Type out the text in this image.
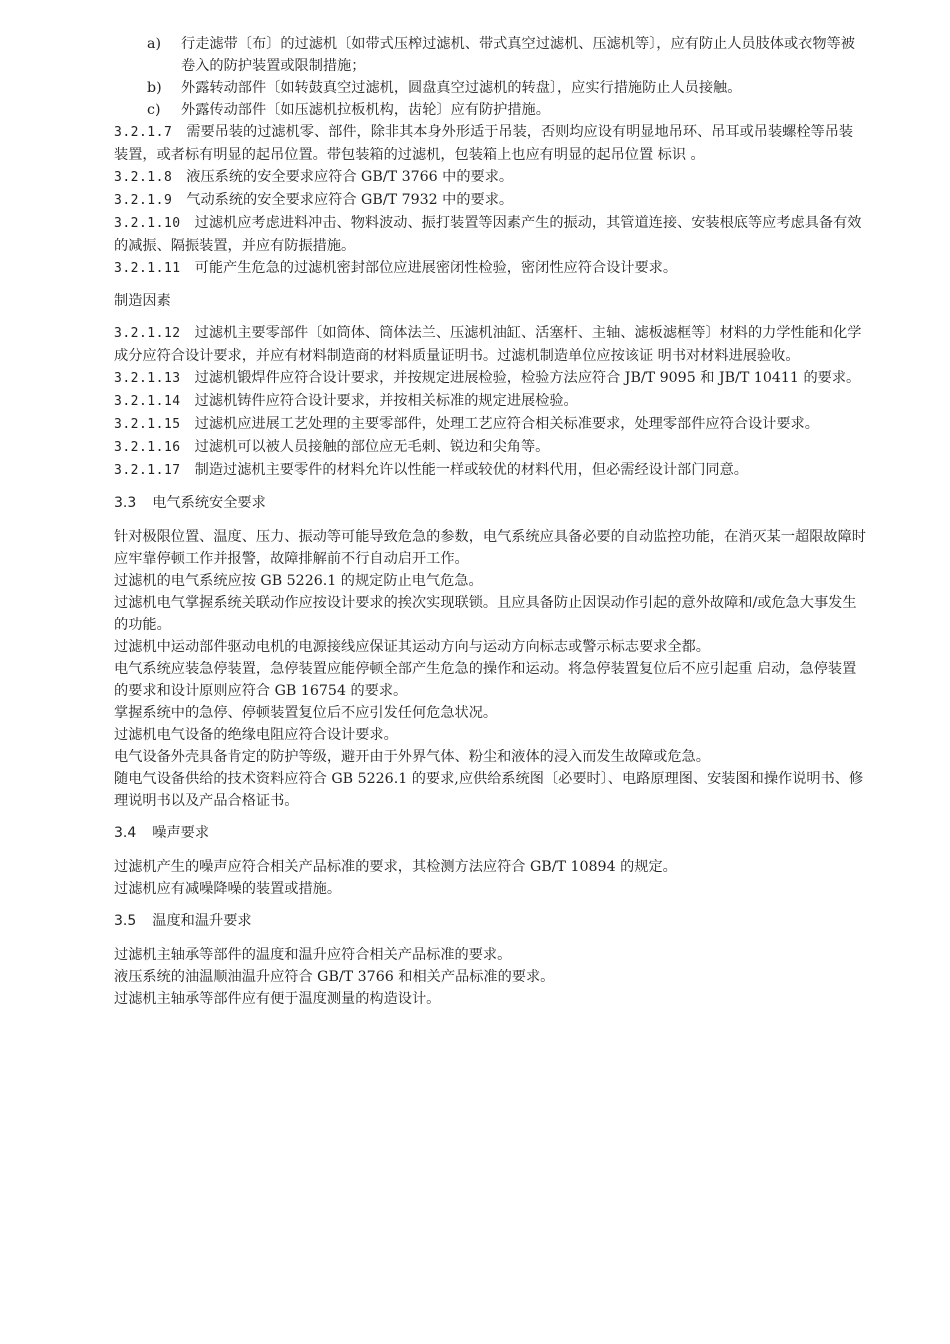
a)	行走滤带〔布〕的过滤机〔如带式压榨过滤机、带式真空过滤机、压滤机等〕，应有防止人员肢体或衣物等被卷入的防护装置或限制措施；
b)	外露转动部件〔如转鼓真空过滤机，圆盘真空过滤机的转盘〕，应实行措施防止人员接触。
c)	外露传动部件〔如压滤机拉板机构，齿轮〕应有防护措施。

3.2.1.7 需要吊装的过滤机零、部件，除非其本身外形适于吊装，否则均应设有明显地吊环、吊耳或吊装螺栓等吊装装置，或者标有明显的起吊位置。带包装箱的过滤机，包装箱上也应有明显的起吊位置 标识 。

3.2.1.8 液压系统的安全要求应符合 GB/T 3766 中的要求。

3.2.1.9 气动系统的安全要求应符合 GB/T 7932 中的要求。

3.2.1.10 过滤机应考虑进料冲击、物料波动、振打装置等因素产生的振动，其管道连接、安装根底等应考虑具备有效的减振、隔振装置，并应有防振措施。

3.2.1.11 可能产生危急的过滤机密封部位应进展密闭性检验，密闭性应符合设计要求。

制造因素

3.2.1.12 过滤机主要零部件〔如筒体、筒体法兰、压滤机油缸、活塞杆、主轴、滤板滤框等〕材料的力学性能和化学成分应符合设计要求，并应有材料制造商的材料质量证明书。过滤机制造单位应按该证 明书对材料进展验收。

3.2.1.13 过滤机锻焊件应符合设计要求，并按规定进展检验，检验方法应符合 JB/T 9095 和 JB/T 10411 的要求。

3.2.1.14 过滤机铸件应符合设计要求，并按相关标准的规定进展检验。

3.2.1.15 过滤机应进展工艺处理的主要零部件，处理工艺应符合相关标准要求，处理零部件应符合设计要求。

3.2.1.16 过滤机可以被人员接触的部位应无毛刺、锐边和尖角等。

3.2.1.17 制造过滤机主要零件的材料允许以性能一样或较优的材料代用，但必需经设计部门同意。

3.3 电气系统安全要求

针对极限位置、温度、压力、振动等可能导致危急的参数，电气系统应具备必要的自动监控功能，在消灭某一超限故障时应牢靠停顿工作并报警，故障排解前不行自动启开工作。

过滤机的电气系统应按 GB 5226.1 的规定防止电气危急。

过滤机电气掌握系统关联动作应按设计要求的挨次实现联锁。且应具备防止因误动作引起的意外故障和/或危急大事发生的功能。

过滤机中运动部件驱动电机的电源接线应保证其运动方向与运动方向标志或警示标志要求全都。

电气系统应装急停装置，急停装置应能停顿全部产生危急的操作和运动。将急停装置复位后不应引起重 启动，急停装置的要求和设计原则应符合 GB 16754 的要求。

掌握系统中的急停、停顿装置复位后不应引发任何危急状况。

过滤机电气设备的绝缘电阻应符合设计要求。

电气设备外壳具备肯定的防护等级，避开由于外界气体、粉尘和液体的浸入而发生故障或危急。

随电气设备供给的技术资料应符合 GB 5226.1 的要求,应供给系统图〔必要时〕、电路原理图、安装图和操作说明书、修理说明书以及产品合格证书。

3.4 噪声要求

过滤机产生的噪声应符合相关产品标准的要求，其检测方法应符合 GB/T 10894 的规定。

过滤机应有减噪降噪的装置或措施。

3.5 温度和温升要求

过滤机主轴承等部件的温度和温升应符合相关产品标准的要求。

液压系统的油温顺油温升应符合 GB/T 3766 和相关产品标准的要求。

过滤机主轴承等部件应有便于温度测量的构造设计。
